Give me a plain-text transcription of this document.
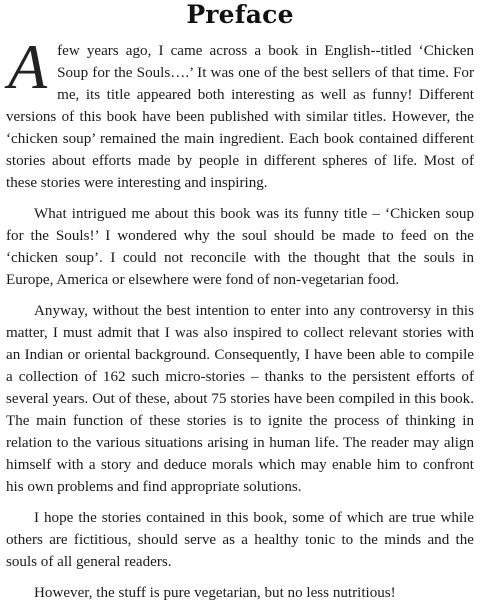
Preface

A few years ago, I came across a book in English--titled ‘Chicken Soup for the Souls….’ It was one of the best sellers of that time. For me, its title appeared both interesting as well as funny! Different versions of this book have been published with similar titles. However, the ‘chicken soup’ remained the main ingredient. Each book contained different stories about efforts made by people in different spheres of life. Most of these stories were interesting and inspiring.

What intrigued me about this book was its funny title – ‘Chicken soup for the Souls!’ I wondered why the soul should be made to feed on the ‘chicken soup’. I could not reconcile with the thought that the souls in Europe, America or elsewhere were fond of non-vegetarian food.

Anyway, without the best intention to enter into any controversy in this matter, I must admit that I was also inspired to collect relevant stories with an Indian or oriental background. Consequently, I have been able to compile a collection of 162 such micro-stories – thanks to the persistent efforts of several years. Out of these, about 75 stories have been compiled in this book. The main function of these stories is to ignite the process of thinking in relation to the various situations arising in human life. The reader may align himself with a story and deduce morals which may enable him to confront his own problems and find appropriate solutions.

I hope the stories contained in this book, some of which are true while others are fictitious, should serve as a healthy tonic to the minds and the souls of all general readers.

However, the stuff is pure vegetarian, but no less nutritious!
